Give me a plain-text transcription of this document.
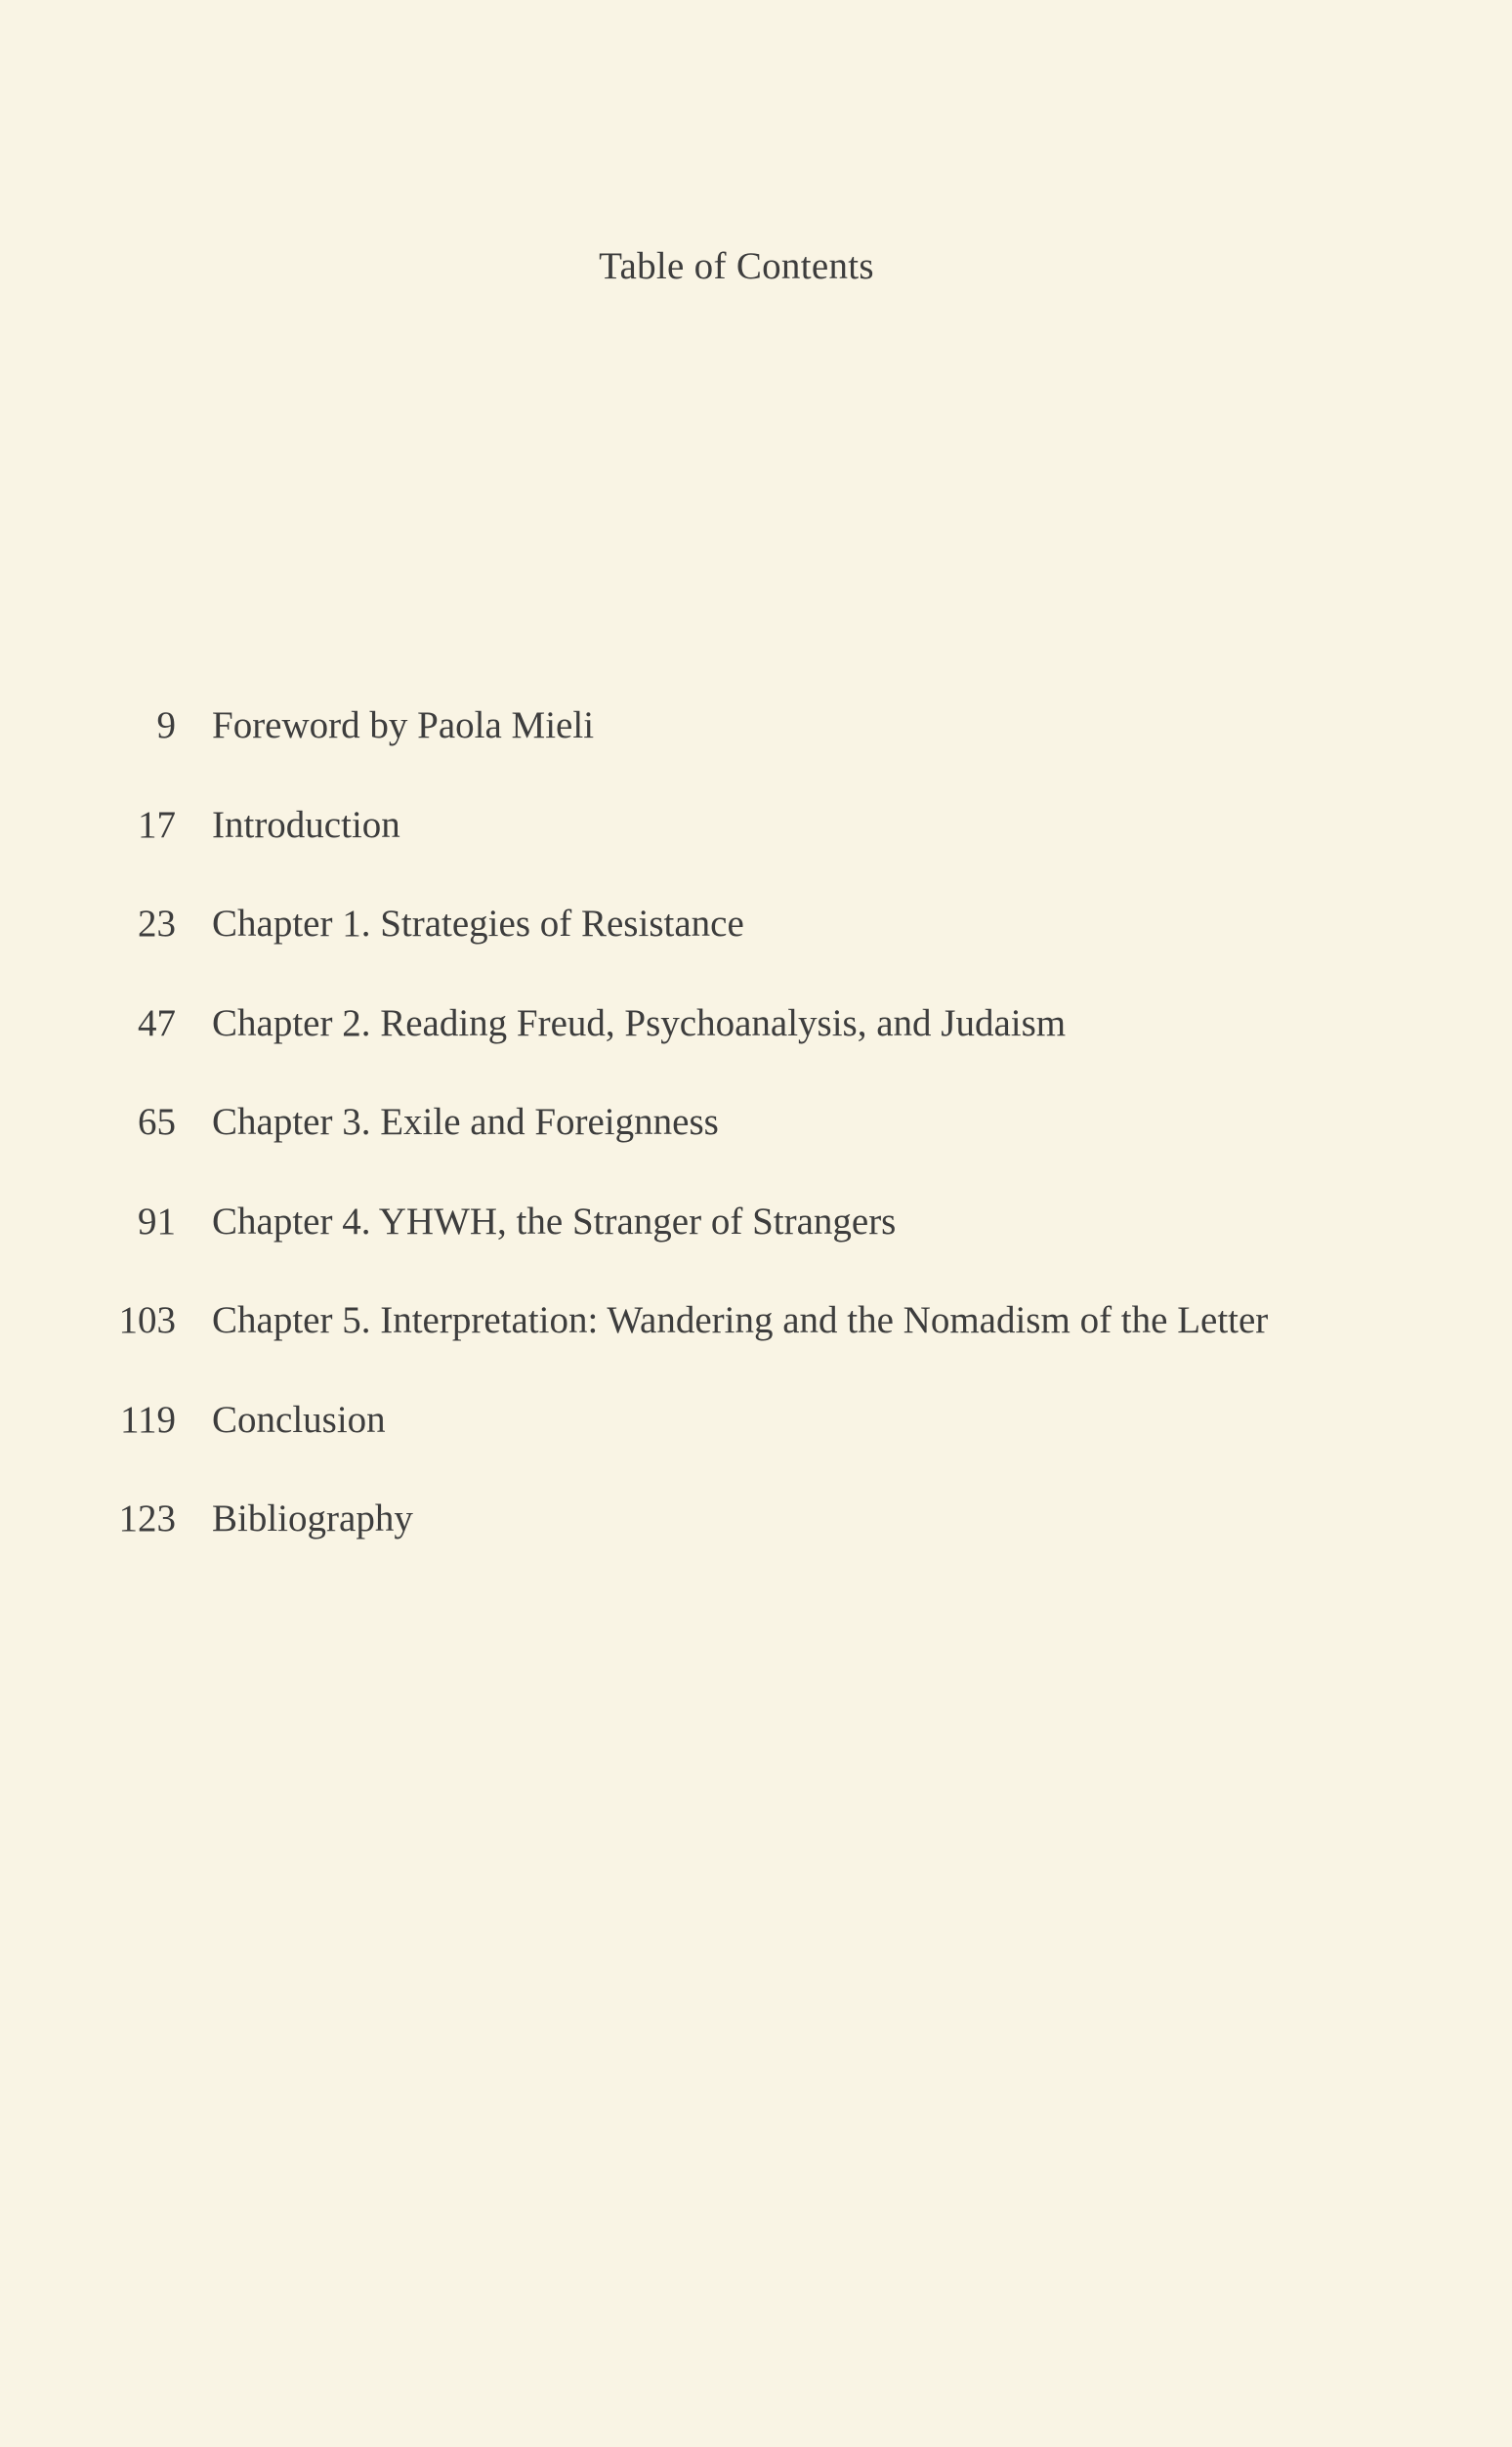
Table of Contents
9 Foreword by Paola Mieli
17 Introduction
23 Chapter 1. Strategies of Resistance
47 Chapter 2. Reading Freud, Psychoanalysis, and Judaism
65 Chapter 3. Exile and Foreignness
91 Chapter 4. YHWH, the Stranger of Strangers
103 Chapter 5. Interpretation: Wandering and the Nomadism of the Letter
119 Conclusion
123 Bibliography
